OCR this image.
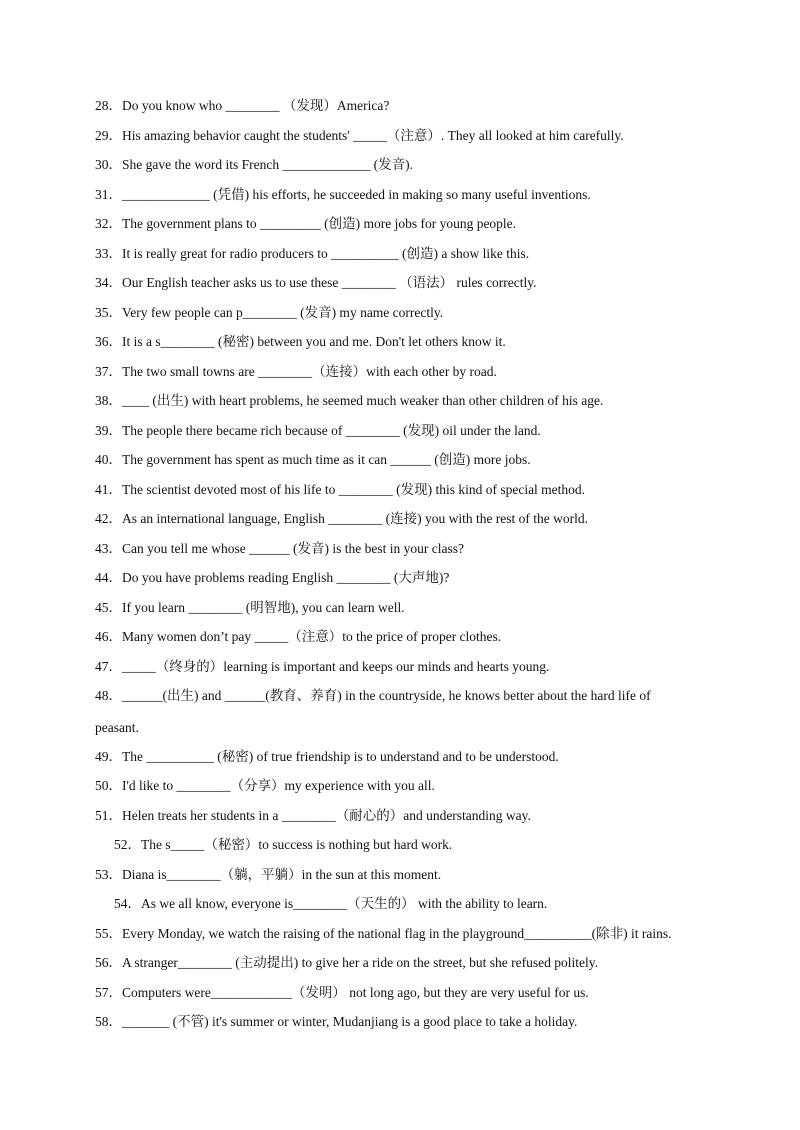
28．Do you know who ________ （发现）America?
29．His amazing behavior caught the students' _____（注意）. They all looked at him carefully.
30．She gave the word its French _____________ (发音).
31．_____________ (凭借) his efforts, he succeeded in making so many useful inventions.
32．The government plans to _________ (创造) more jobs for young people.
33．It is really great for radio producers to __________ (创造) a show like this.
34．Our English teacher asks us to use these ________ （语法） rules correctly.
35．Very few people can p________ (发音) my name correctly.
36．It is a s________ (秘密) between you and me. Don't let others know it.
37．The two small towns are ________（连接）with each other by road.
38．____ (出生) with heart problems, he seemed much weaker than other children of his age.
39．The people there became rich because of ________ (发现) oil under the land.
40．The government has spent as much time as it can ______ (创造) more jobs.
41．The scientist devoted most of his life to ________ (发现) this kind of special method.
42．As an international language, English ________ (连接) you with the rest of the world.
43．Can you tell me whose ______ (发音) is the best in your class?
44．Do you have problems reading English ________ (大声地)?
45．If you learn ________ (明智地), you can learn well.
46．Many women don’t pay _____（注意）to the price of proper clothes.
47．_____（终身的）learning is important and keeps our minds and hearts young.
48．______(出生) and ______(教育、养育) in the countryside, he knows better about the hard life of
peasant.
49．The __________ (秘密) of true friendship is to understand and to be understood.
50．I'd like to ________（分享）my experience with you all.
51．Helen treats her students in a ________（耐心的）and understanding way.
52．The s_____（秘密）to success is nothing but hard work.
53．Diana is________（躺，平躺）in the sun at this moment.
54．As we all know, everyone is________（天生的） with the ability to learn.
55．Every Monday, we watch the raising of the national flag in the playground__________(除非) it rains.
56．A stranger________ (主动提出) to give her a ride on the street, but she refused politely.
57．Computers were____________（发明） not long ago, but they are very useful for us.
58．_______ (不管) it's summer or winter, Mudanjiang is a good place to take a holiday.
